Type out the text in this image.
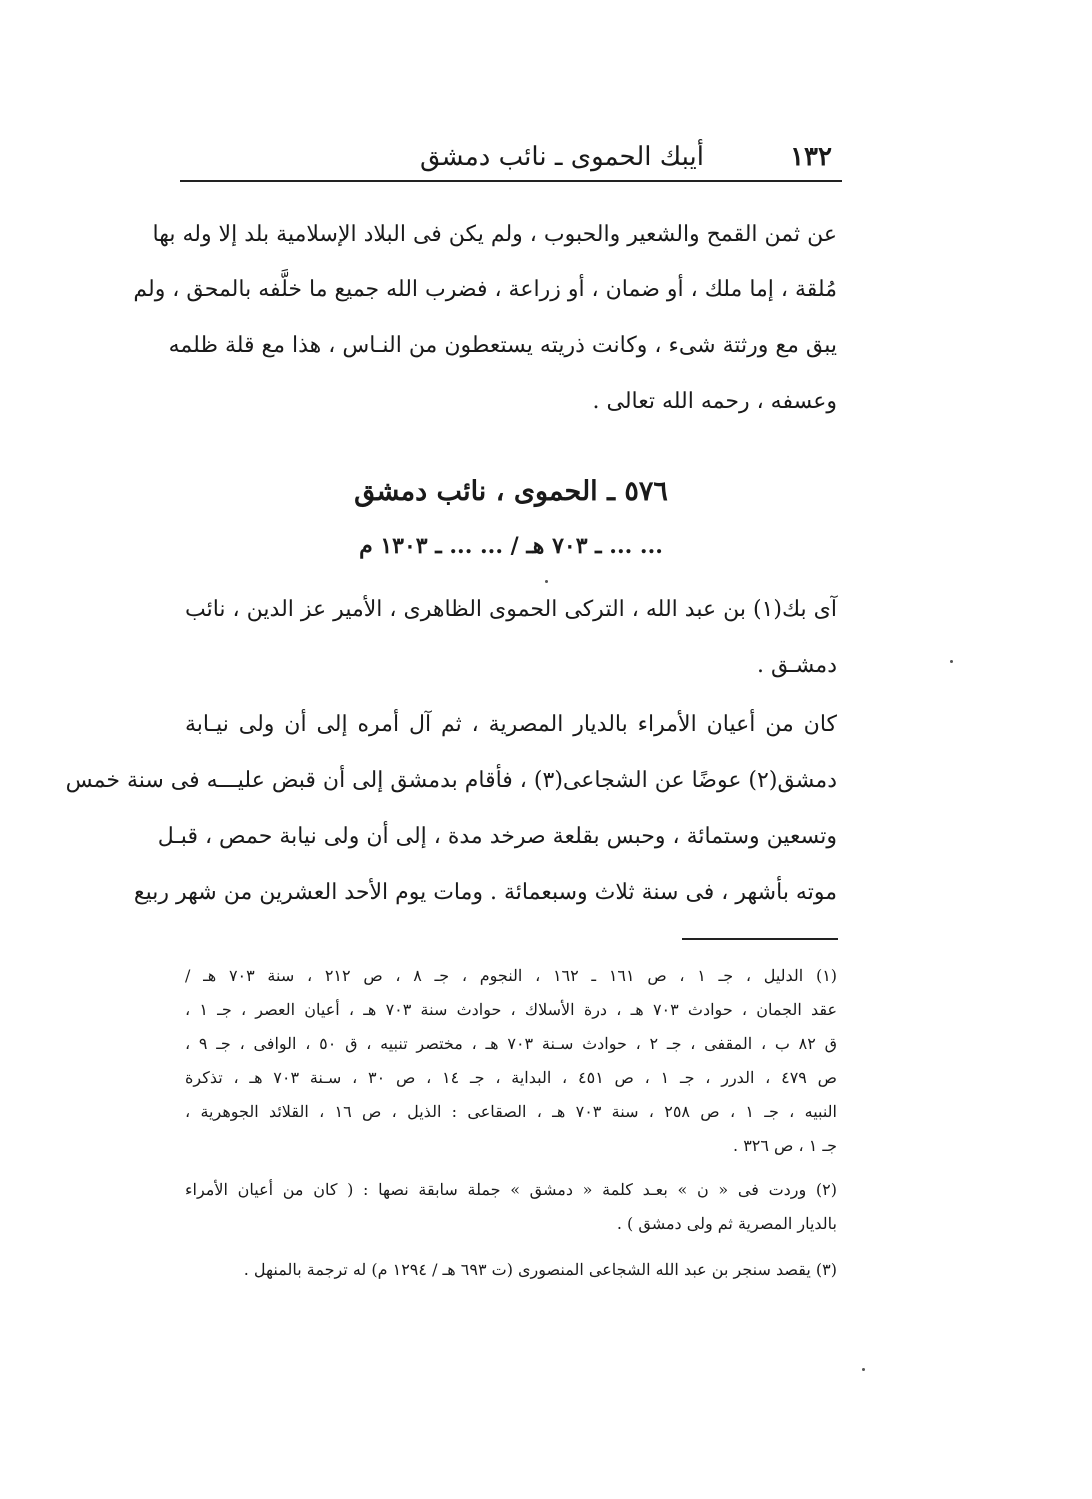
١٣٢
أيبك الحموى ـ نائب دمشق
عن ثمن القمح والشعير والحبوب ، ولم يكن فى البلاد الإسلامية بلد إلا وله بها
مُلقة ، إما ملك ، أو ضمان ، أو زراعة ، فضرب الله جميع ما خلَّفه بالمحق ، ولم
يبق مع ورثتة شىء ، وكانت ذريته يستعطون من النـاس ، هذا مع قلة ظلمه
وعسفه ، رحمه الله تعالى .
٥٧٦ ـ الحموى ، نائب دمشق
... ... ـ ٧٠٣ هـ / ... ... ـ ١٣٠٣ م
آى بك(١) بن عبد الله ، التركى الحموى الظاهرى ، الأمير عز الدين ، نائب
دمشـق .
كان من أعيان الأمراء بالديار المصرية ، ثم آل أمره إلى أن ولى نيـابة
دمشق(٢) عوضًا عن الشجاعى(٣) ، فأقام بدمشق إلى أن قبض عليـــه فى سنة خمس
وتسعين وستمائة ، وحبس بقلعة صرخد مدة ، إلى أن ولى نيابة حمص ، قبـل
موته بأشهر ، فى سنة ثلاث وسبعمائة . ومات يوم الأحد العشرين من شهر ربيع
(١) الدليل ، جـ ١ ، ص ١٦١ ـ ١٦٢ ، النجوم ، جـ ٨ ، ص ٢١٢ ، سنة ٧٠٣ هـ /
عقد الجمان ، حوادث ٧٠٣ هـ ، درة الأسلاك ، حوادث سنة ٧٠٣ هـ ، أعيان العصر ، جـ ١ ،
ق ٨٢ ب ، المقفى ، جـ ٢ ، حوادث سـنة ٧٠٣ هـ ، مختصر تنبيه ، ق ٥٠ ، الوافى ، جـ ٩ ،
ص ٤٧٩ ، الدرر ، جـ ١ ، ص ٤٥١ ، البداية ، جـ ١٤ ، ص ٣٠ ، سـنة ٧٠٣ هـ ، تذكرة
النبيه ، جـ ١ ، ص ٢٥٨ ، سنة ٧٠٣ هـ ، الصقاعى : الذيل ، ص ١٦ ، القلائد الجوهرية ،
جـ ١ ، ص ٣٢٦ .
(٢) وردت فى « ن » بعـد كلمة « دمشق » جملة سابقة نصها : ( كان من أعيان الأمراء
بالديار المصرية ثم ولى دمشق ) .
(٣) يقصد سنجر بن عبد الله الشجاعى المنصورى (ت ٦٩٣ هـ / ١٢٩٤ م) له ترجمة بالمنهل .
